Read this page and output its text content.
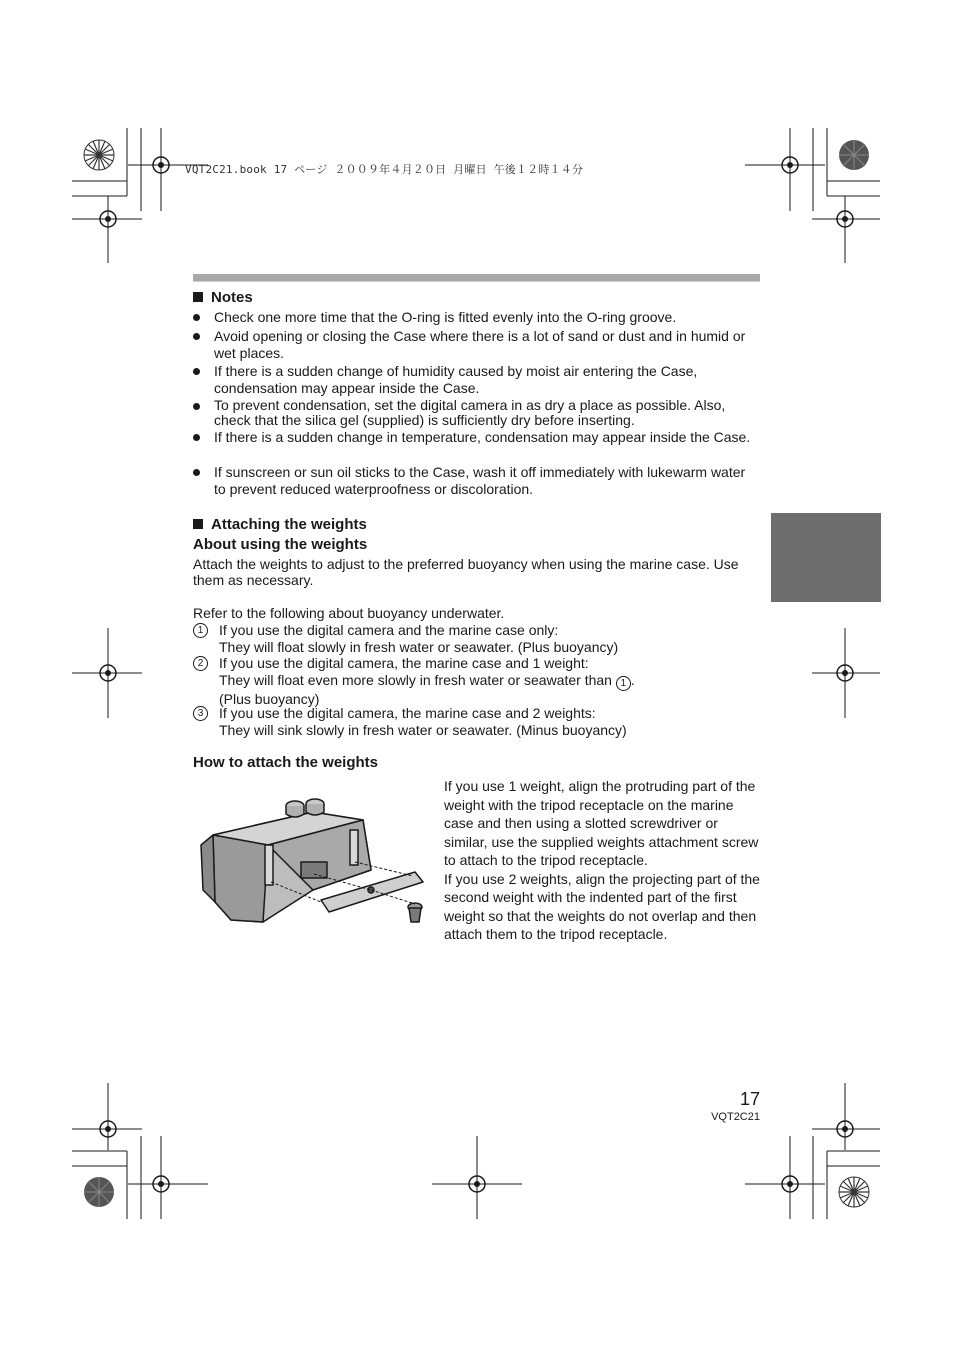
VQT2C21.book 17 ページ ２００９年４月２０日 月曜日 午後１２時１４分
Notes
Check one more time that the O-ring is fitted evenly into the O-ring groove.
Avoid opening or closing the Case where there is a lot of sand or dust and in humid or wet places.
If there is a sudden change of humidity caused by moist air entering the Case, condensation may appear inside the Case.
To prevent condensation, set the digital camera in as dry a place as possible. Also, check that the silica gel (supplied) is sufficiently dry before inserting.
If there is a sudden change in temperature, condensation may appear inside the Case.
If sunscreen or sun oil sticks to the Case, wash it off immediately with lukewarm water to prevent reduced waterproofness or discoloration.
Attaching the weights
About using the weights
Attach the weights to adjust to the preferred buoyancy when using the marine case. Use them as necessary.
Refer to the following about buoyancy underwater.
1	If you use the digital camera and the marine case only:
They will float slowly in fresh water or seawater. (Plus buoyancy)
2	If you use the digital camera, the marine case and 1 weight:
They will float even more slowly in fresh water or seawater than 1 .
(Plus buoyancy)
3	If you use the digital camera, the marine case and 2 weights:
They will sink slowly in fresh water or seawater. (Minus buoyancy)
How to attach the weights
If you use 1 weight, align the protruding part of the weight with the tripod receptacle on the marine case and then using a slotted screwdriver or similar, use the supplied weights attachment screw to attach to the tripod receptacle.
If you use 2 weights, align the projecting part of the second weight with the indented part of the first weight so that the weights do not overlap and then attach them to the tripod receptacle.
17
VQT2C21
